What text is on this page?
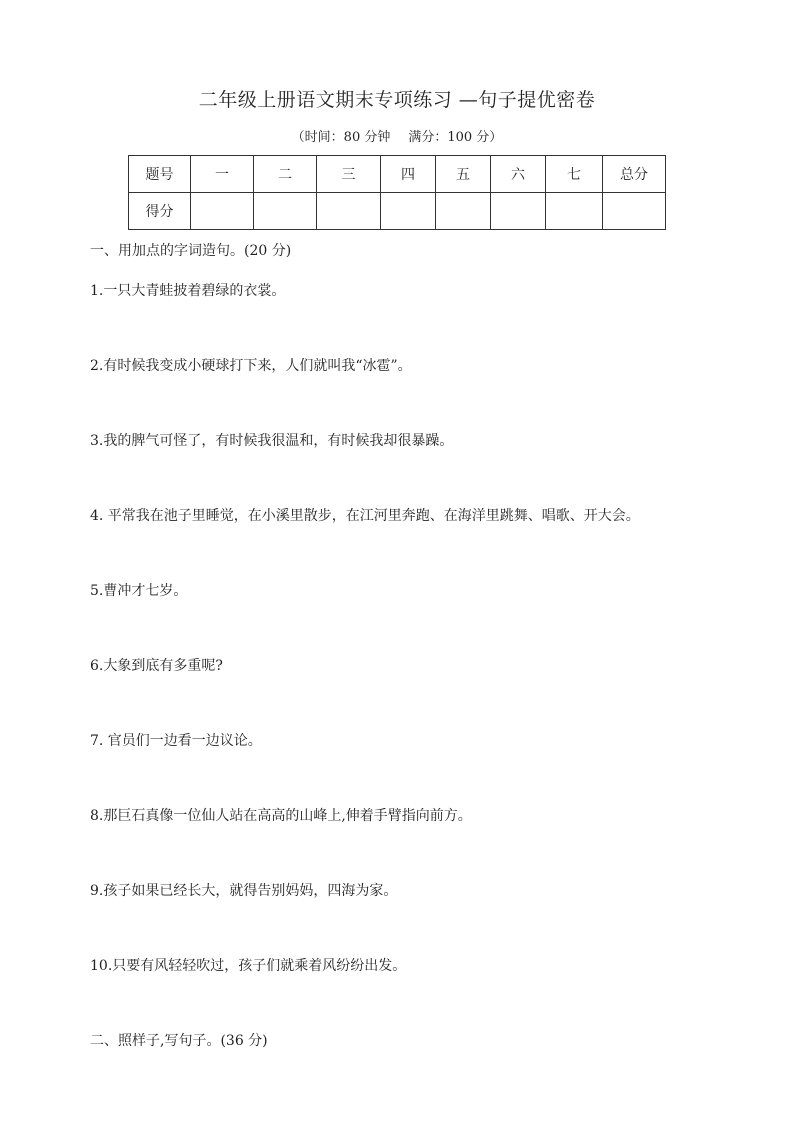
二年级上册语文期末专项练习 —句子提优密卷
（时间：80 分钟 满分：100 分）
题号	一	二	三	四	五	六	七	总分
得分								
一、用加点的字词造句。(20 分)
1.一只大青蛙披着碧绿的衣裳。
2.有时候我变成小硬球打下来，人们就叫我“冰雹”。
3.我的脾气可怪了，有时候我很温和，有时候我却很暴躁。
4. 平常我在池子里睡觉，在小溪里散步，在江河里奔跑、在海洋里跳舞、唱歌、开大会。
5.曹冲才七岁。
6.大象到底有多重呢?
7. 官员们一边看一边议论。
8.那巨石真像一位仙人站在高高的山峰上,伸着手臂指向前方。
9.孩子如果已经长大，就得告别妈妈，四海为家。
10.只要有风轻轻吹过，孩子们就乘着风纷纷出发。
二、照样子,写句子。(36 分)
